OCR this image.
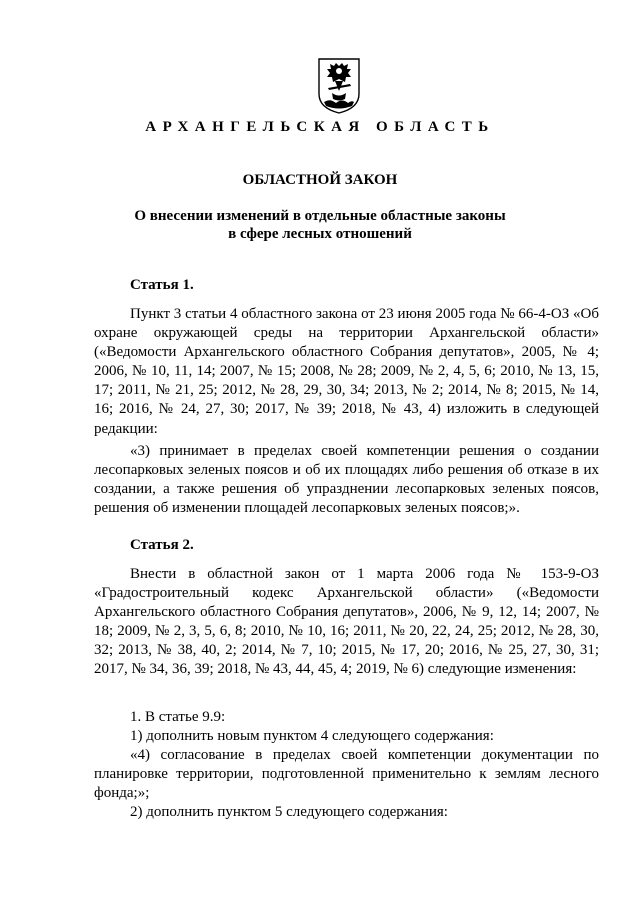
АРХАНГЕЛЬСКАЯ ОБЛАСТЬ
ОБЛАСТНОЙ ЗАКОН
О внесении изменений в отдельные областные законы
в сфере лесных отношений
Статья 1.

Пункт 3 статьи 4 областного закона от 23 июня 2005 года № 66-4-ОЗ «Об охране окружающей среды на территории Архангельской области» («Ведомости Архангельского областного Собрания депутатов», 2005, № 4; 2006, № 10, 11, 14; 2007, № 15; 2008, № 28; 2009, № 2, 4, 5, 6; 2010, № 13, 15, 17; 2011, № 21, 25; 2012, № 28, 29, 30, 34; 2013, № 2; 2014, № 8; 2015, № 14, 16; 2016, № 24, 27, 30; 2017, № 39; 2018, № 43, 4) изложить в следующей редакции:

«3) принимает в пределах своей компетенции решения о создании лесопарковых зеленых поясов и об их площадях либо решения об отказе в их создании, а также решения об упразднении лесопарковых зеленых поясов, решения об изменении площадей лесопарковых зеленых поясов;».

Статья 2.

Внести в областной закон от 1 марта 2006 года № 153-9-ОЗ «Градостроительный кодекс Архангельской области» («Ведомости Архангельского областного Собрания депутатов», 2006, № 9, 12, 14; 2007, № 18; 2009, № 2, 3, 5, 6, 8; 2010, № 10, 16; 2011, № 20, 22, 24, 25; 2012, № 28, 30, 32; 2013, № 38, 40, 2; 2014, № 7, 10; 2015, № 17, 20; 2016, № 25, 27, 30, 31; 2017, № 34, 36, 39; 2018, № 43, 44, 45, 4; 2019, № 6) следующие изменения:

1. В статье 9.9:

1) дополнить новым пунктом 4 следующего содержания:

«4) согласование в пределах своей компетенции документации по планировке территории, подготовленной применительно к землям лесного фонда;»;

2) дополнить пунктом 5 следующего содержания:
